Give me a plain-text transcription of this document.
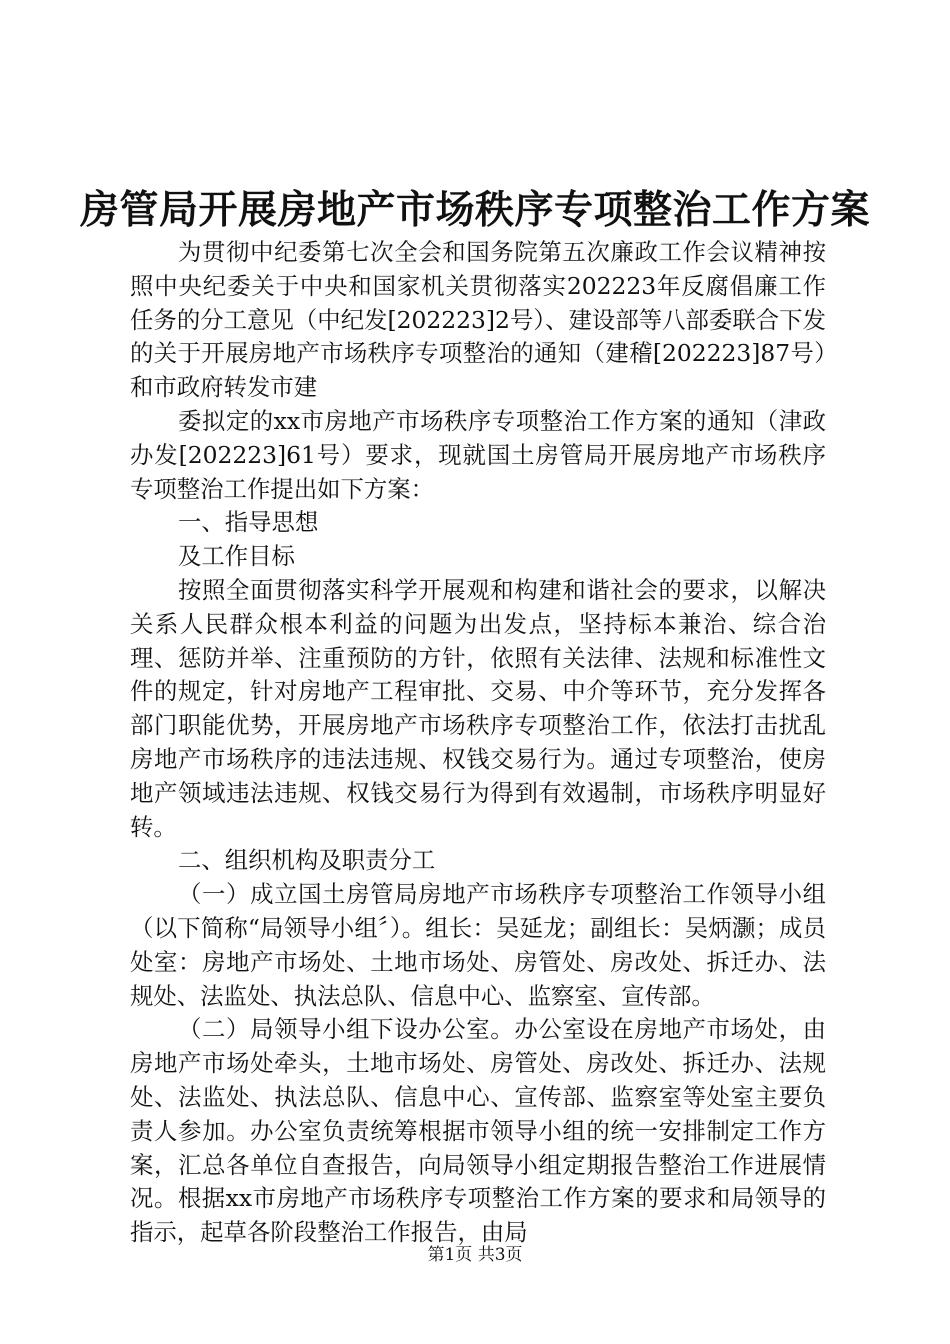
房管局开展房地产市场秩序专项整治工作方案

为贯彻中纪委第七次全会和国务院第五次廉政工作会议精神按照中央纪委关于中央和国家机关贯彻落实202223年反腐倡廉工作任务的分工意见（中纪发[202223]2号）、建设部等八部委联合下发的关于开展房地产市场秩序专项整治的通知（建稽[202223]87号）和市政府转发市建

委拟定的xx市房地产市场秩序专项整治工作方案的通知（津政办发[202223]61号）要求，现就国土房管局开展房地产市场秩序专项整治工作提出如下方案：

一、指导思想

及工作目标

按照全面贯彻落实科学开展观和构建和谐社会的要求，以解决关系人民群众根本利益的问题为出发点，坚持标本兼治、综合治理、惩防并举、注重预防的方针，依照有关法律、法规和标准性文件的规定，针对房地产工程审批、交易、中介等环节，充分发挥各部门职能优势，开展房地产市场秩序专项整治工作，依法打击扰乱房地产市场秩序的违法违规、权钱交易行为。通过专项整治，使房地产领域违法违规、权钱交易行为得到有效遏制，市场秩序明显好转。

二、组织机构及职责分工

（一）成立国土房管局房地产市场秩序专项整治工作领导小组（以下简称“局领导小组〞）。组长：吴延龙；副组长：吴炳灏；成员处室：房地产市场处、土地市场处、房管处、房改处、拆迁办、法规处、法监处、执法总队、信息中心、监察室、宣传部。

（二）局领导小组下设办公室。办公室设在房地产市场处，由房地产市场处牵头，土地市场处、房管处、房改处、拆迁办、法规处、法监处、执法总队、信息中心、宣传部、监察室等处室主要负责人参加。办公室负责统筹根据市领导小组的统一安排制定工作方案，汇总各单位自查报告，向局领导小组定期报告整治工作进展情况。根据xx市房地产市场秩序专项整治工作方案的要求和局领导的指示，起草各阶段整治工作报告，由局

第1页 共3页
